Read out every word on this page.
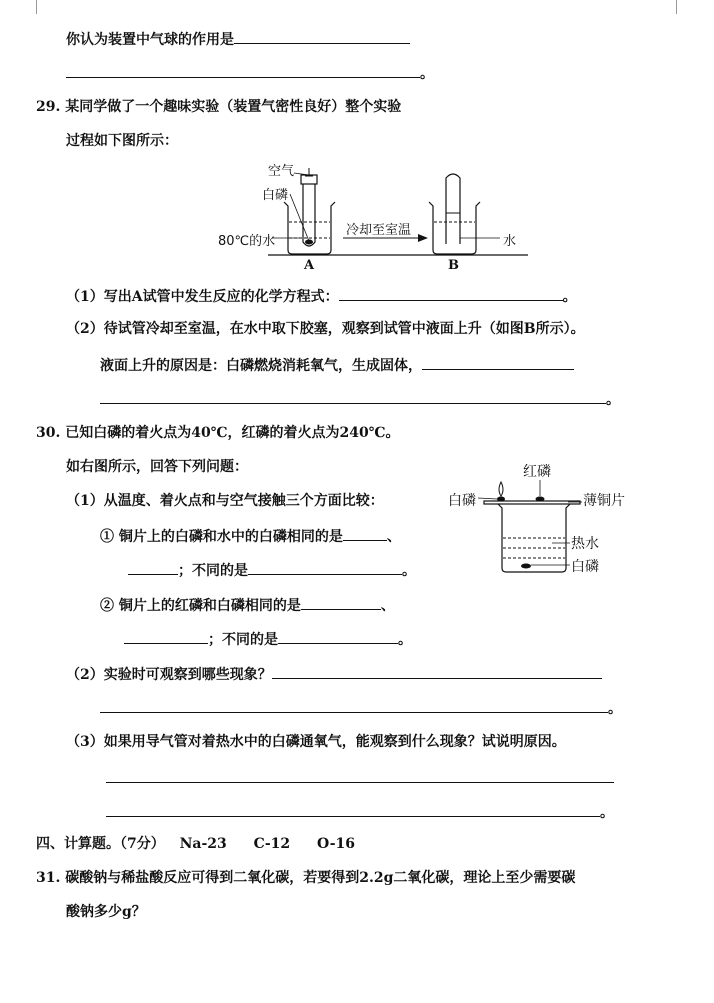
你认为装置中气球的作用是
。
29. 某同学做了一个趣味实验（装置气密性良好）整个实验
过程如下图所示：
空气
白磷
80℃的水
冷却至室温
水
A	B
（1）写出A试管中发生反应的化学方程式：	。
（2）待试管冷却至室温，在水中取下胶塞，观察到试管中液面上升（如图B所示）。
液面上升的原因是：白磷燃烧消耗氧气，生成固体，
。
30. 已知白磷的着火点为40℃，红磷的着火点为240℃。
如右图所示，回答下列问题：
（1）从温度、着火点和与空气接触三个方面比较：
① 铜片上的白磷和水中的白磷相同的是	、
；不同的是	。
② 铜片上的红磷和白磷相同的是	、
；不同的是	。
红磷
白磷	薄铜片
热水
白磷
（2）实验时可观察到哪些现象？
。
（3）如果用导气管对着热水中的白磷通氧气，能观察到什么现象？试说明原因。
。
四、计算题。（7分） Na-23 C-12 O-16
31. 碳酸钠与稀盐酸反应可得到二氧化碳，若要得到2.2g二氧化碳，理论上至少需要碳
酸钠多少g？
